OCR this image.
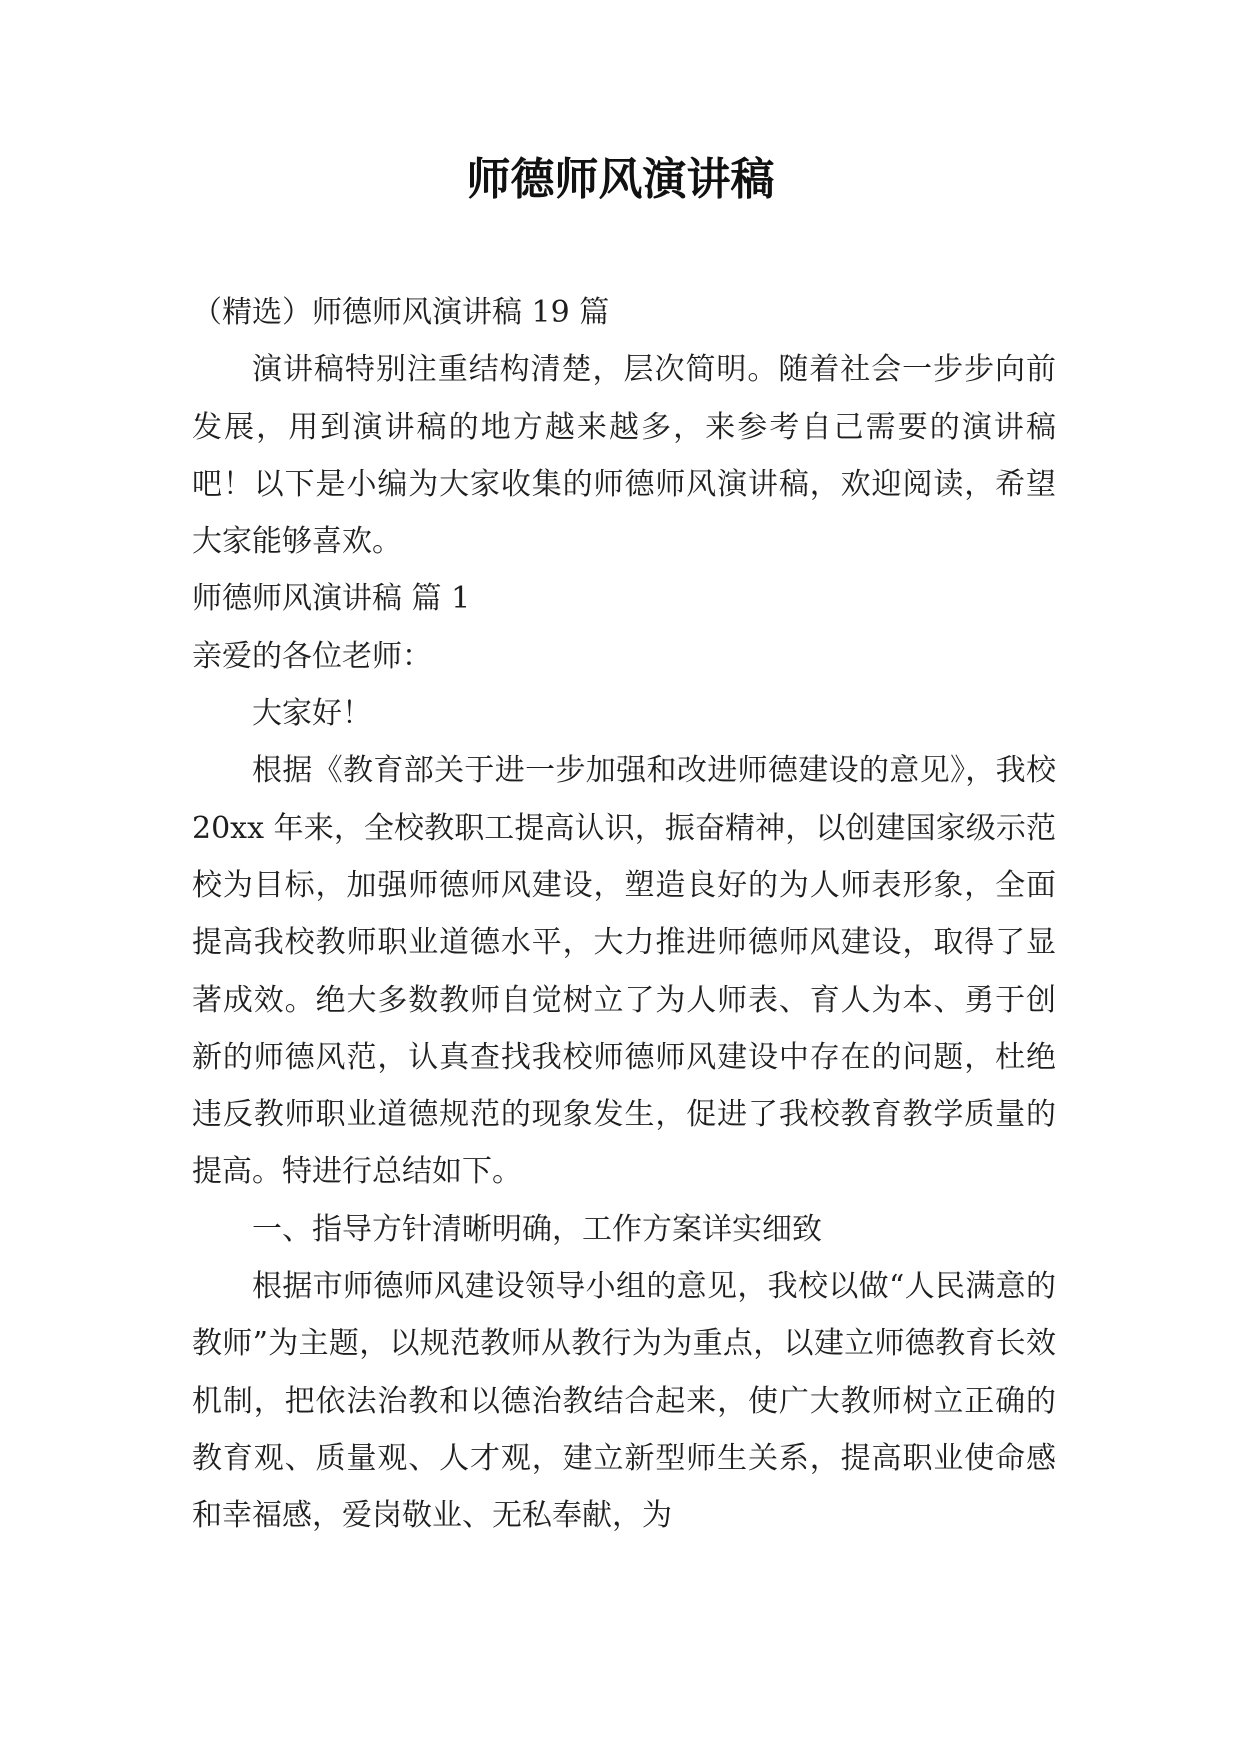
师德师风演讲稿

（精选）师德师风演讲稿 19 篇

演讲稿特别注重结构清楚，层次简明。随着社会一步步向前发展，用到演讲稿的地方越来越多，来参考自己需要的演讲稿吧！以下是小编为大家收集的师德师风演讲稿，欢迎阅读，希望大家能够喜欢。

师德师风演讲稿 篇 1

亲爱的各位老师：

大家好！

根据《教育部关于进一步加强和改进师德建设的意见》，我校 20xx 年来，全校教职工提高认识，振奋精神，以创建国家级示范校为目标，加强师德师风建设，塑造良好的为人师表形象，全面提高我校教师职业道德水平，大力推进师德师风建设，取得了显著成效。绝大多数教师自觉树立了为人师表、育人为本、勇于创新的师德风范，认真查找我校师德师风建设中存在的问题，杜绝违反教师职业道德规范的现象发生，促进了我校教育教学质量的提高。特进行总结如下。

一、指导方针清晰明确，工作方案详实细致

根据市师德师风建设领导小组的意见，我校以做“人民满意的教师”为主题，以规范教师从教行为为重点，以建立师德教育长效机制，把依法治教和以德治教结合起来，使广大教师树立正确的教育观、质量观、人才观，建立新型师生关系，提高职业使命感和幸福感，爱岗敬业、无私奉献，为
